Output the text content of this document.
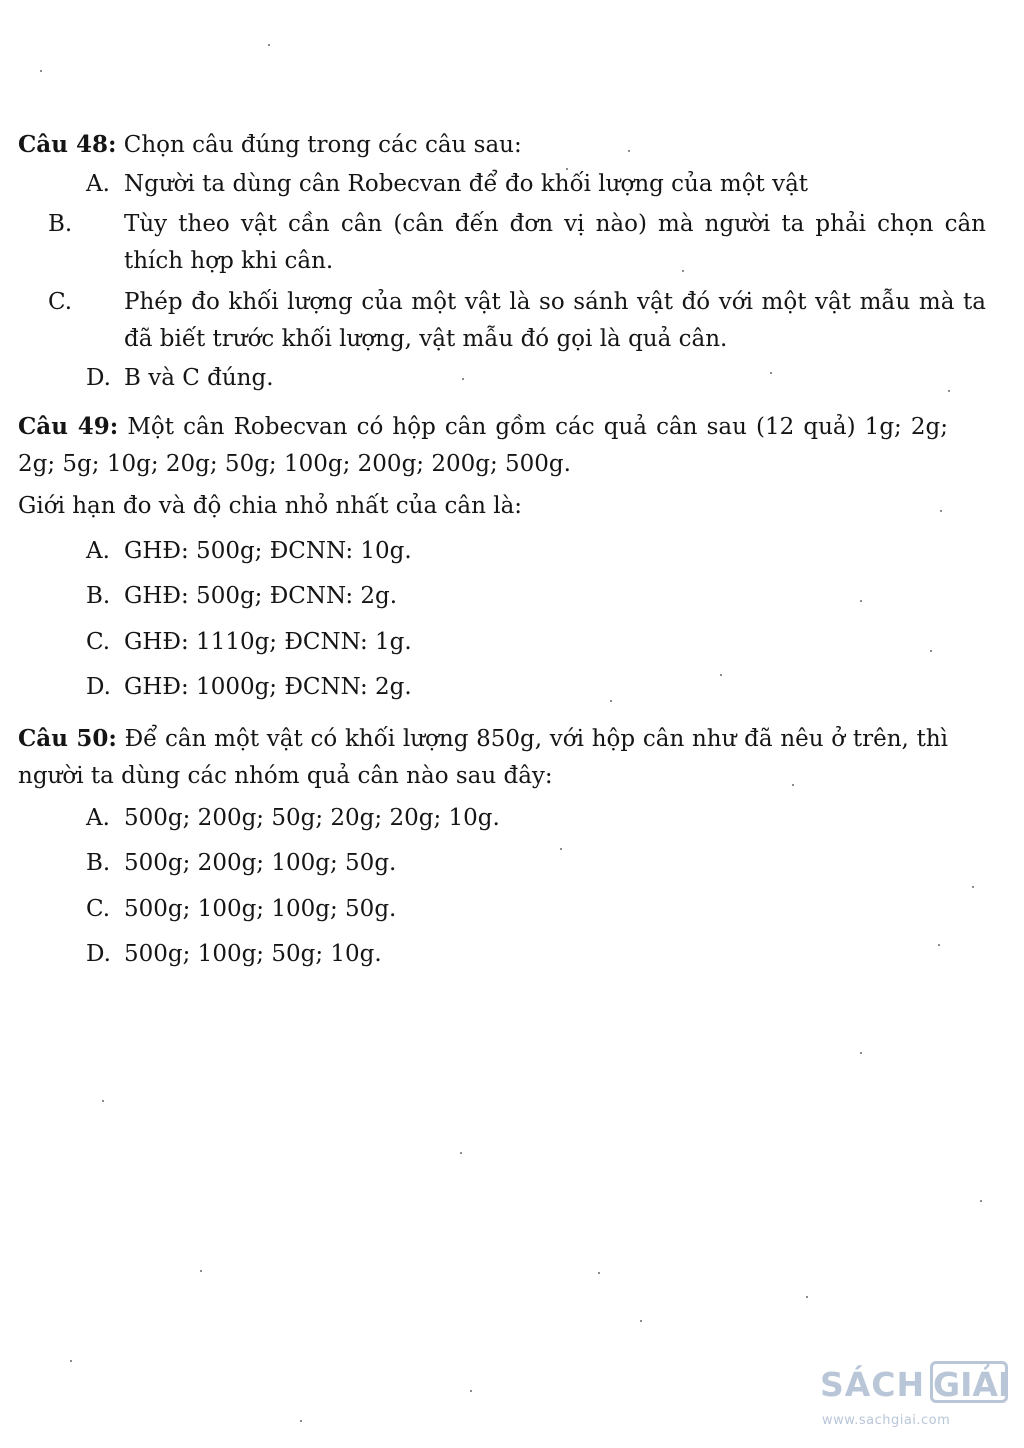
Câu 48: Chọn câu đúng trong các câu sau:
A. Người ta dùng cân Robecvan để đo khối lượng của một vật
B. Tùy theo vật cần cân (cân đến đơn vị nào) mà người ta phải chọn cân thích hợp khi cân.
C. Phép đo khối lượng của một vật là so sánh vật đó với một vật mẫu mà ta đã biết trước khối lượng, vật mẫu đó gọi là quả cân.
D. B và C đúng.
Câu 49: Một cân Robecvan có hộp cân gồm các quả cân sau (12 quả) 1g; 2g; 2g; 5g; 10g; 20g; 50g; 100g; 200g; 200g; 500g.
Giới hạn đo và độ chia nhỏ nhất của cân là:
A. GHĐ: 500g; ĐCNN: 10g.
B. GHĐ: 500g; ĐCNN: 2g.
C. GHĐ: 1110g; ĐCNN: 1g.
D. GHĐ: 1000g; ĐCNN: 2g.
Câu 50: Để cân một vật có khối lượng 850g, với hộp cân như đã nêu ở trên, thì người ta dùng các nhóm quả cân nào sau đây:
A. 500g; 200g; 50g; 20g; 20g; 10g.
B. 500g; 200g; 100g; 50g.
C. 500g; 100g; 100g; 50g.
D. 500g; 100g; 50g; 10g.
SÁCH GIẢI
www.sachgiai.com
